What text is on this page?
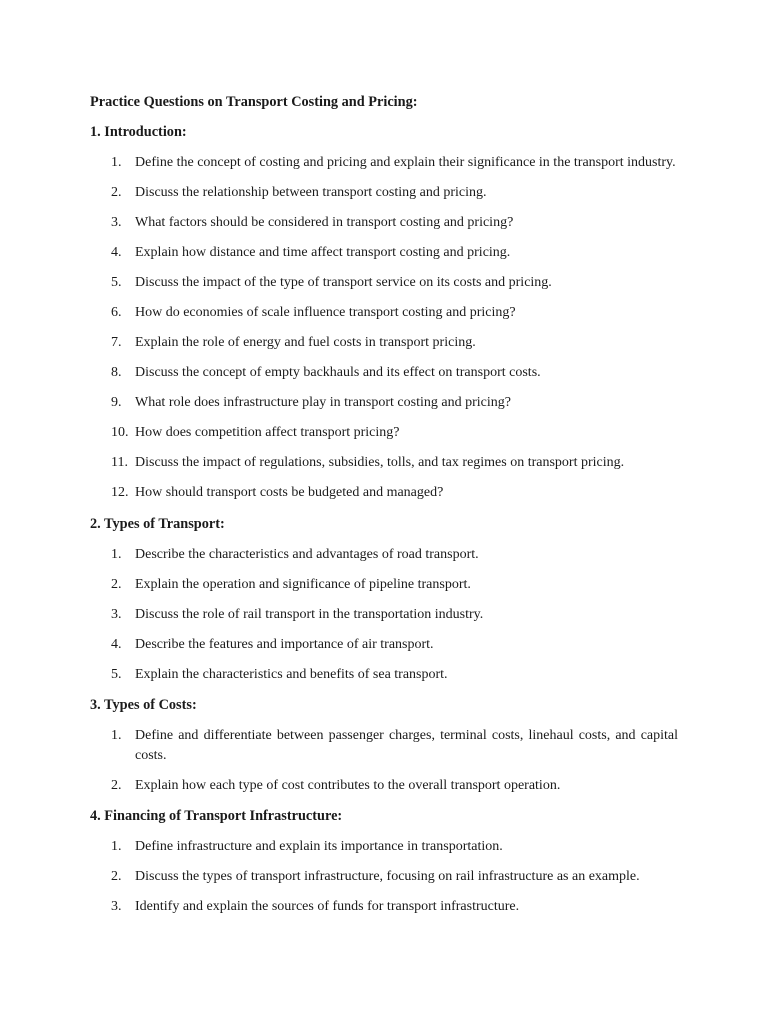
Practice Questions on Transport Costing and Pricing:
1. Introduction:
1. Define the concept of costing and pricing and explain their significance in the transport industry.
2. Discuss the relationship between transport costing and pricing.
3. What factors should be considered in transport costing and pricing?
4. Explain how distance and time affect transport costing and pricing.
5. Discuss the impact of the type of transport service on its costs and pricing.
6. How do economies of scale influence transport costing and pricing?
7. Explain the role of energy and fuel costs in transport pricing.
8. Discuss the concept of empty backhauls and its effect on transport costs.
9. What role does infrastructure play in transport costing and pricing?
10. How does competition affect transport pricing?
11. Discuss the impact of regulations, subsidies, tolls, and tax regimes on transport pricing.
12. How should transport costs be budgeted and managed?
2. Types of Transport:
1. Describe the characteristics and advantages of road transport.
2. Explain the operation and significance of pipeline transport.
3. Discuss the role of rail transport in the transportation industry.
4. Describe the features and importance of air transport.
5. Explain the characteristics and benefits of sea transport.
3. Types of Costs:
1. Define and differentiate between passenger charges, terminal costs, linehaul costs, and capital costs.
2. Explain how each type of cost contributes to the overall transport operation.
4. Financing of Transport Infrastructure:
1. Define infrastructure and explain its importance in transportation.
2. Discuss the types of transport infrastructure, focusing on rail infrastructure as an example.
3. Identify and explain the sources of funds for transport infrastructure.
